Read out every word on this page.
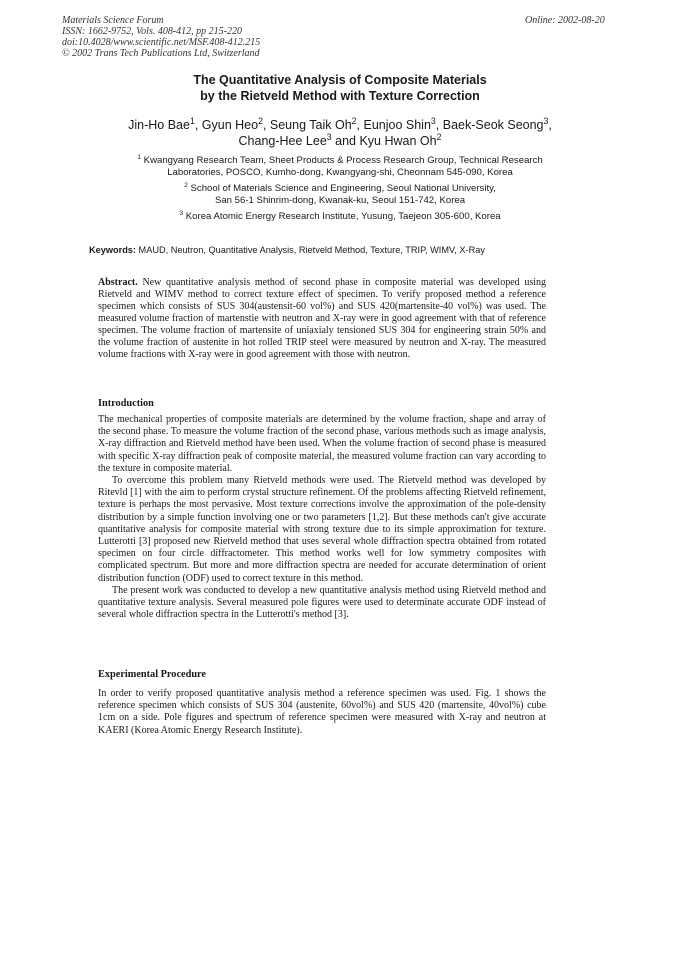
Materials Science Forum
ISSN: 1662-9752, Vols. 408-412, pp 215-220
doi:10.4028/www.scientific.net/MSF.408-412.215
© 2002 Trans Tech Publications Ltd, Switzerland
Online: 2002-08-20
The Quantitative Analysis of Composite Materials
by the Rietveld Method with Texture Correction
Jin-Ho Bae$^1$, Gyun Heo$^2$, Seung Taik Oh$^2$, Eunjoo Shin$^3$, Baek-Seok Seong$^3$,
Chang-Hee Lee$^3$ and Kyu Hwan Oh$^2$
$^1$ Kwangyang Research Team, Sheet Products & Process Research Group, Technical Research
Laboratories, POSCO, Kumho-dong, Kwangyang-shi, Cheonnam 545-090, Korea
$^2$ School of Materials Science and Engineering, Seoul National University,
San 56-1 Shinrim-dong, Kwanak-ku, Seoul 151-742, Korea
$^3$ Korea Atomic Energy Research Institute, Yusung, Taejeon 305-600, Korea
Keywords: MAUD, Neutron, Quantitative Analysis, Rietveld Method, Texture, TRIP, WIMV, X-Ray
Abstract. New quantitative analysis method of second phase in composite material was developed using Rietveld and WIMV method to correct texture effect of specimen. To verify proposed method a reference specimen which consists of SUS 304(austensit-60 vol%) and SUS 420(martensite-40 vol%) was used. The measured volume fraction of martenstie with neutron and X-ray were in good agreement with that of reference specimen. The volume fraction of martensite of uniaxialy tensioned SUS 304 for engineering strain 50% and the volume fraction of austenite in hot rolled TRIP steel were measured by neutron and X-ray. The measured volume fractions with X-ray were in good agreement with those with neutron.
Introduction

The mechanical properties of composite materials are determined by the volume fraction, shape and array of the second phase. To measure the volume fraction of the second phase, various methods such as image analysis, X-ray diffraction and Rietveld method have been used. When the volume fraction of second phase is measured with specific X-ray diffraction peak of composite material, the measured volume fraction can vary according to the texture in composite material.

To overcome this problem many Rietveld methods were used. The Rietveld method was developed by Ritevld [1] with the aim to perform crystal structure refinement. Of the problems affecting Rietveld refinement, texture is perhaps the most pervasive. Most texture corrections involve the approximation of the pole-density distribution by a simple function involving one or two parameters [1,2]. But these methods can't give accurate quantitative analysis for composite material with strong texture due to its simple approximation for texture. Lutterotti [3] proposed new Rietveld method that uses several whole diffraction spectra obtained from rotated specimen on four circle diffractometer. This method works well for low symmetry composites with complicated spectrum. But more and more diffraction spectra are needed for accurate determination of orient distribution function (ODF) used to correct texture in this method.

The present work was conducted to develop a new quantitative analysis method using Rietveld method and quantitative texture analysis. Several measured pole figures were used to determinate accurate ODF instead of several whole diffraction spectra in the Lutterotti's method [3].

Experimental Procedure

In order to verify proposed quantitative analysis method a reference specimen was used. Fig. 1 shows the reference specimen which consists of SUS 304 (austenite, 60vol%) and SUS 420 (martensite, 40vol%) cube 1cm on a side. Pole figures and spectrum of reference specimen were measured with X-ray and neutron at KAERI (Korea Atomic Energy Research Institute).
